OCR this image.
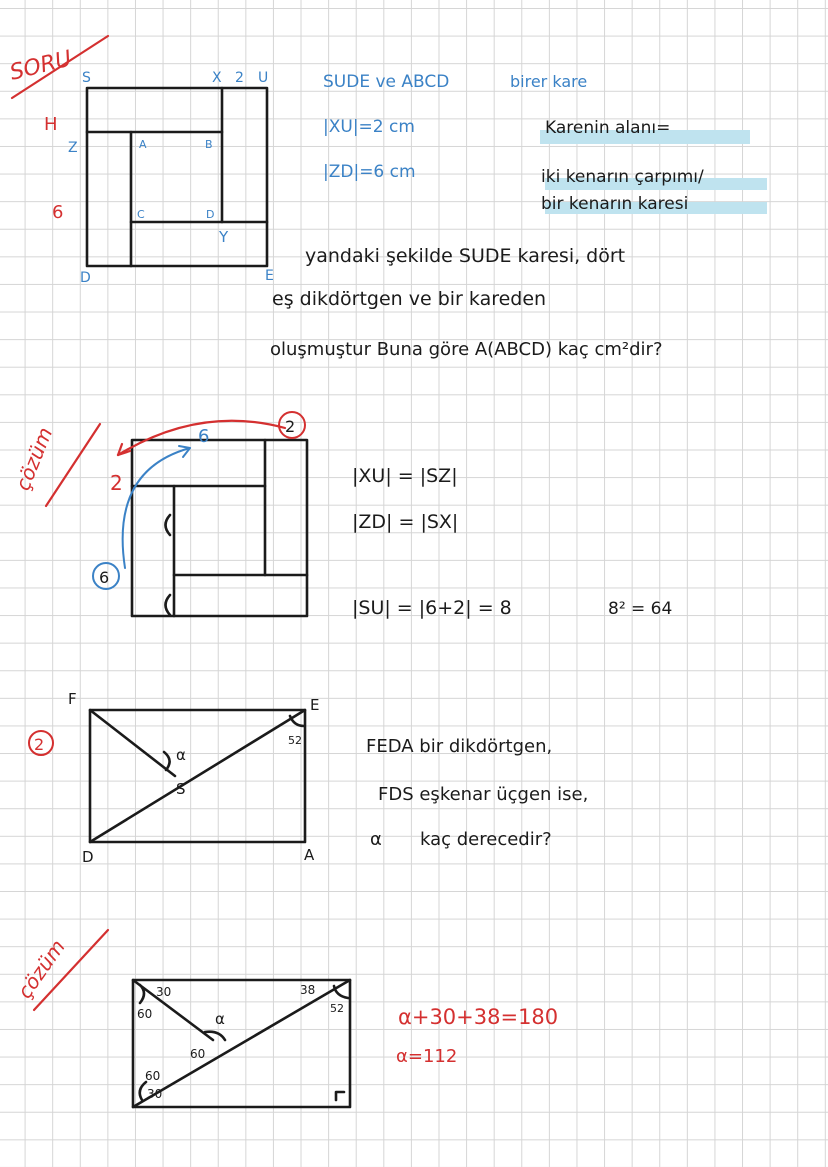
SORU S	X 2 U
H
Z	A	B
6	C	D
Y
D	E
SUDE ve ABCD	birer kare
|XU|=2 cm
|ZD|=6 cm
Karenin alanı=
iki kenarın çarpımı/
bir kenarın karesi
yandaki şekilde SUDE karesi, dört
eş dikdörtgen ve bir kareden
oluşmuştur Buna göre A(ABCD) kaç cm²dir?
çözüm	2
6
2
6
|XU| = |SZ|
|ZD| = |SX|
|SU| = |6+2| = 8	8² = 64
2
F	E
D	A
S
α
52	FEDA bir dikdörtgen,
FDS eşkenar üçgen ise,
α kaç derecedir?
çözüm
60
30
α
60
60
30
38
52	α+30+38=180
α=112
